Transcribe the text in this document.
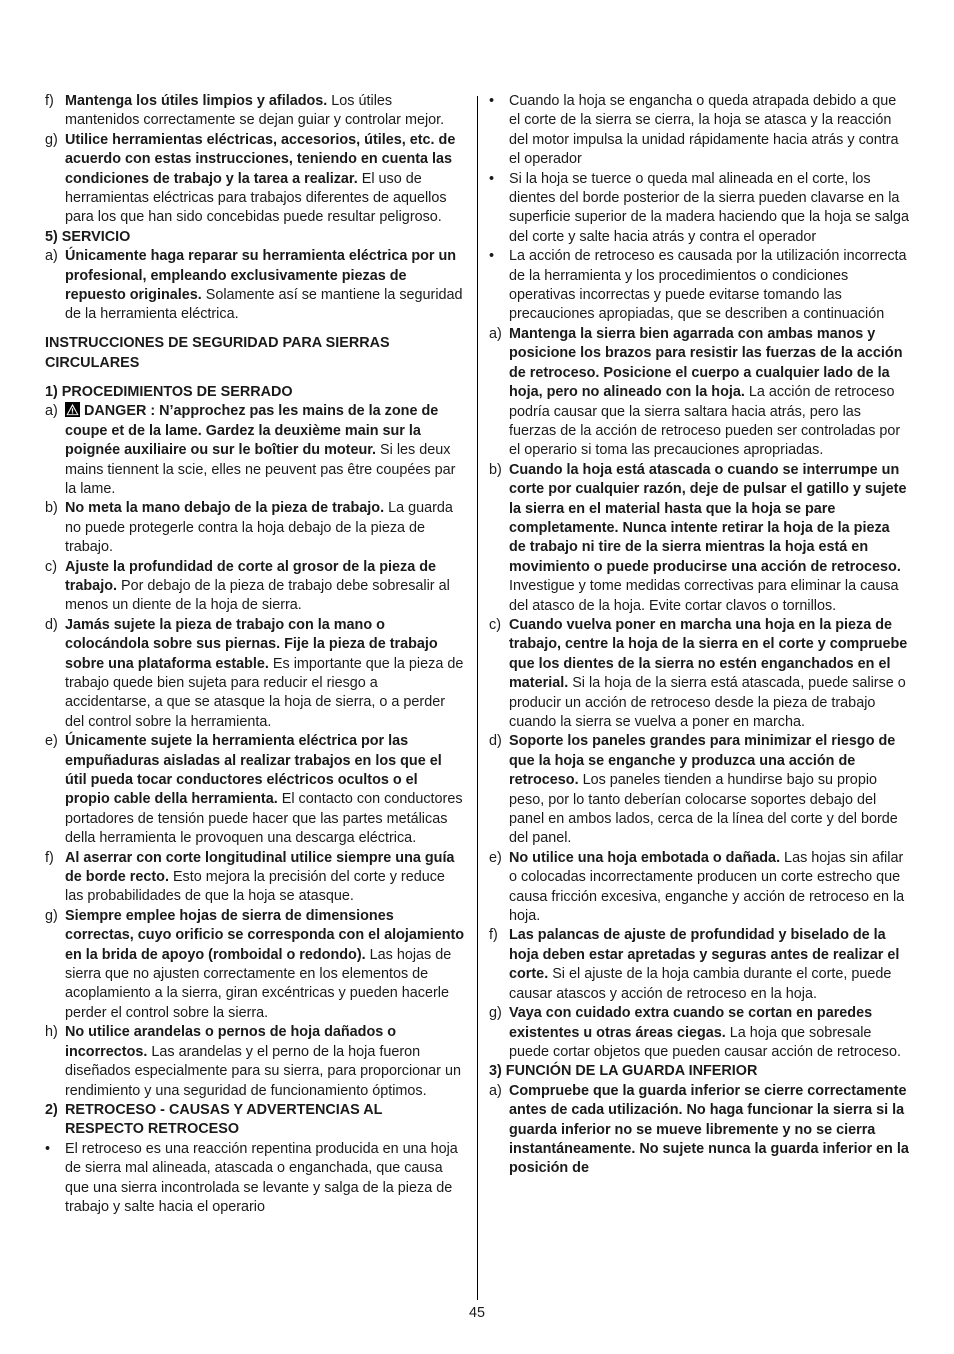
f) Mantenga los útiles limpios y afilados. Los útiles mantenidos correctamente se dejan guiar y controlar mejor.
g) Utilice herramientas eléctricas, accesorios, útiles, etc. de acuerdo con estas instrucciones, teniendo en cuenta las condiciones de trabajo y la tarea a realizar. El uso de herramientas eléctricas para trabajos diferentes de aquellos para los que han sido concebidas puede resultar peligroso.

5) SERVICIO

a) Únicamente haga reparar su herramienta eléctrica por un profesional, empleando exclusivamente piezas de repuesto originales. Solamente así se mantiene la seguridad de la herramienta eléctrica.

INSTRUCCIONES DE SEGURIDAD PARA SIERRAS CIRCULARES

1) PROCEDIMIENTOS DE SERRADO

a) DANGER : N’approchez pas les mains de la zone de coupe et de la lame. Gardez la deuxième main sur la poignée auxiliaire ou sur le boîtier du moteur. Si les deux mains tiennent la scie, elles ne peuvent pas être coupées par la lame.
b) No meta la mano debajo de la pieza de trabajo. La guarda no puede protegerle contra la hoja debajo de la pieza de trabajo.
c) Ajuste la profundidad de corte al grosor de la pieza de trabajo. Por debajo de la pieza de trabajo debe sobresalir al menos un diente de la hoja de sierra.
d) Jamás sujete la pieza de trabajo con la mano o colocándola sobre sus piernas. Fije la pieza de trabajo sobre una plataforma estable. Es importante que la pieza de trabajo quede bien sujeta para reducir el riesgo a accidentarse, a que se atasque la hoja de sierra, o a perder del control sobre la herramienta.
e) Únicamente sujete la herramienta eléctrica por las empuñaduras aisladas al realizar trabajos en los que el útil pueda tocar conductores eléctricos ocultos o el propio cable della herramienta. El contacto con conductores portadores de tensión puede hacer que las partes metálicas della herramienta le provoquen una descarga eléctrica.
f) Al aserrar con corte longitudinal utilice siempre una guía de borde recto. Esto mejora la precisión del corte y reduce las probabilidades de que la hoja se atasque.
g) Siempre emplee hojas de sierra de dimensiones correctas, cuyo orificio se corresponda con el alojamiento en la brida de apoyo (romboidal o redondo). Las hojas de sierra que no ajusten correctamente en los elementos de acoplamiento a la sierra, giran excéntricas y pueden hacerle perder el control sobre la sierra.
h) No utilice arandelas o pernos de hoja dañados o incorrectos. Las arandelas y el perno de la hoja fueron diseñados especialmente para su sierra, para proporcionar un rendimiento y una seguridad de funcionamiento óptimos.
2) RETROCESO - CAUSAS Y ADVERTENCIAS AL RESPECTO RETROCESO
• El retroceso es una reacción repentina producida en una hoja de sierra mal alineada, atascada o enganchada, que causa que una sierra incontrolada se levante y salga de la pieza de trabajo y salte hacia el operario
• Cuando la hoja se engancha o queda atrapada debido a que el corte de la sierra se cierra, la hoja se atasca y la reacción del motor impulsa la unidad rápidamente hacia atrás y contra el operador
• Si la hoja se tuerce o queda mal alineada en el corte, los dientes del borde posterior de la sierra pueden clavarse en la superficie superior de la madera haciendo que la hoja se salga del corte y salte hacia atrás y contra el operador
• La acción de retroceso es causada por la utilización incorrecta de la herramienta y los procedimientos o condiciones operativas incorrectas y puede evitarse tomando las precauciones apropiadas, que se describen a continuación
a) Mantenga la sierra bien agarrada con ambas manos y posicione los brazos para resistir las fuerzas de la acción de retroceso. Posicione el cuerpo a cualquier lado de la hoja, pero no alineado con la hoja. La acción de retroceso podría causar que la sierra saltara hacia atrás, pero las fuerzas de la acción de retroceso pueden ser controladas por el operario si toma las precauciones apropriadas.
b) Cuando la hoja está atascada o cuando se interrumpe un corte por cualquier razón, deje de pulsar el gatillo y sujete la sierra en el material hasta que la hoja se pare completamente. Nunca intente retirar la hoja de la pieza de trabajo ni tire de la sierra mientras la hoja está en movimiento o puede producirse una acción de retroceso. Investigue y tome medidas correctivas para eliminar la causa del atasco de la hoja. Evite cortar clavos o tornillos.
c) Cuando vuelva poner en marcha una hoja en la pieza de trabajo, centre la hoja de la sierra en el corte y compruebe que los dientes de la sierra no estén enganchados en el material. Si la hoja de la sierra está atascada, puede salirse o producir un acción de retroceso desde la pieza de trabajo cuando la sierra se vuelva a poner en marcha.
d) Soporte los paneles grandes para minimizar el riesgo de que la hoja se enganche y produzca una acción de retroceso. Los paneles tienden a hundirse bajo su propio peso, por lo tanto deberían colocarse soportes debajo del panel en ambos lados, cerca de la línea del corte y del borde del panel.
e) No utilice una hoja embotada o dañada. Las hojas sin afilar o colocadas incorrectamente producen un corte estrecho que causa fricción excesiva, enganche y acción de retroceso en la hoja.
f) Las palancas de ajuste de profundidad y biselado de la hoja deben estar apretadas y seguras antes de realizar el corte. Si el ajuste de la hoja cambia durante el corte, puede causar atascos y acción de retroceso en la hoja.
g) Vaya con cuidado extra cuando se cortan en paredes existentes u otras áreas ciegas. La hoja que sobresale puede cortar objetos que pueden causar acción de retroceso.

3) FUNCIÓN DE LA GUARDA INFERIOR

a) Compruebe que la guarda inferior se cierre correctamente antes de cada utilización. No haga funcionar la sierra si la guarda inferior no se mueve libremente y no se cierra instantáneamente. No sujete nunca la guarda inferior en la posición de
45
